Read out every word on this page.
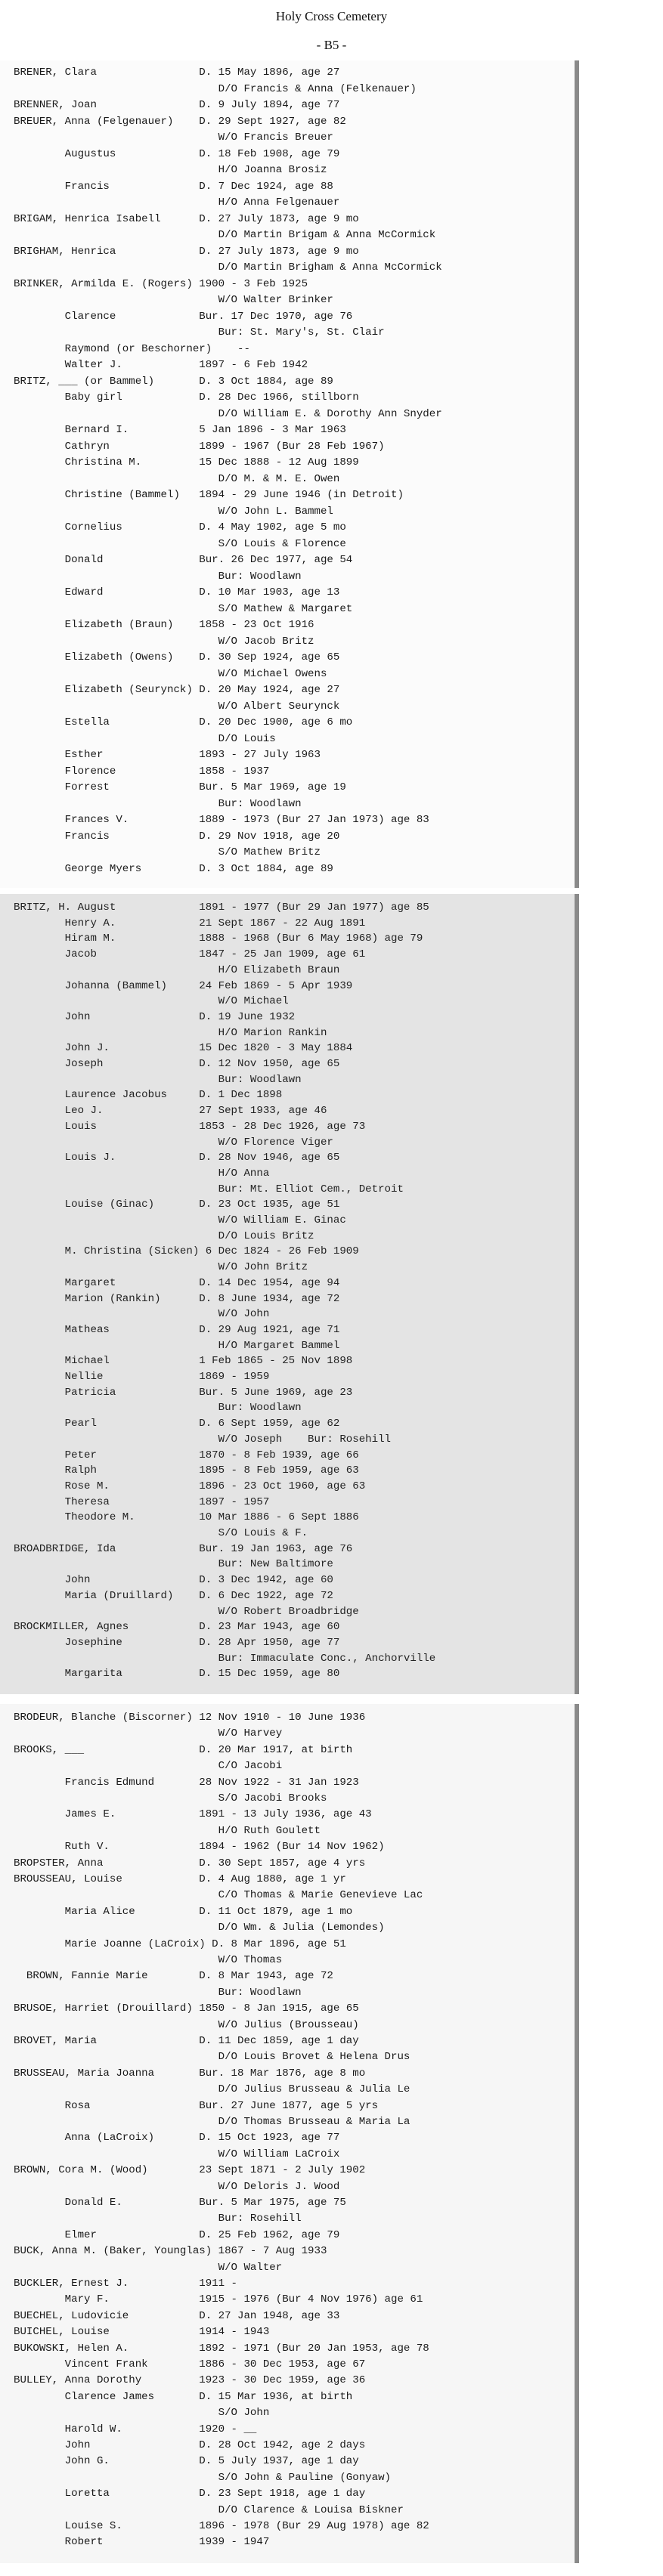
Holy Cross Cemetery
- B5 -
BRENER, Clara                D. 15 May 1896, age 27
D/O Francis & Anna (Felkenauer)
BRENNER, Joan                D. 9 July 1894, age 77
BREUER, Anna (Felgenauer)    D. 29 Sept 1927, age 82
W/O Francis Breuer
Augustus             D. 18 Feb 1908, age 79
H/O Joanna Brosiz
Francis              D. 7 Dec 1924, age 88
H/O Anna Felgenauer
BRIGAM, Henrica Isabell      D. 27 July 1873, age 9 mo
D/O Martin Brigam & Anna McCormick
BRIGHAM, Henrica             D. 27 July 1873, age 9 mo
D/O Martin Brigham & Anna McCormick
BRINKER, Armilda E. (Rogers) 1900 - 3 Feb 1925
W/O Walter Brinker
Clarence             Bur. 17 Dec 1970, age 76
Bur: St. Mary's, St. Clair
Raymond (or Beschorner)    --
Walter J.            1897 - 6 Feb 1942
BRITZ, ___ (or Bammel)       D. 3 Oct 1884, age 89
Baby girl            D. 28 Dec 1966, stillborn
D/O William E. & Dorothy Ann Snyder
Bernard I.           5 Jan 1896 - 3 Mar 1963
Cathryn              1899 - 1967 (Bur 28 Feb 1967)
Christina M.         15 Dec 1888 - 12 Aug 1899
D/O M. & M. E. Owen
Christine (Bammel)   1894 - 29 June 1946 (in Detroit)
W/O John L. Bammel
Cornelius            D. 4 May 1902, age 5 mo
S/O Louis & Florence
Donald               Bur. 26 Dec 1977, age 54
Bur: Woodlawn
Edward               D. 10 Mar 1903, age 13
S/O Mathew & Margaret
Elizabeth (Braun)    1858 - 23 Oct 1916
W/O Jacob Britz
Elizabeth (Owens)    D. 30 Sep 1924, age 65
W/O Michael Owens
Elizabeth (Seurynck) D. 20 May 1924, age 27
W/O Albert Seurynck
Estella              D. 20 Dec 1900, age 6 mo
D/O Louis
Esther               1893 - 27 July 1963
Florence             1858 - 1937
Forrest              Bur. 5 Mar 1969, age 19
Bur: Woodlawn
Frances V.           1889 - 1973 (Bur 27 Jan 1973) age 83
Francis              D. 29 Nov 1918, age 20
S/O Mathew Britz
George Myers         D. 3 Oct 1884, age 89
BRITZ, H. August             1891 - 1977 (Bur 29 Jan 1977) age 85
Henry A.             21 Sept 1867 - 22 Aug 1891
Hiram M.             1888 - 1968 (Bur 6 May 1968) age 79
Jacob                1847 - 25 Jan 1909, age 61
H/O Elizabeth Braun
Johanna (Bammel)     24 Feb 1869 - 5 Apr 1939
W/O Michael
John                 D. 19 June 1932
H/O Marion Rankin
John J.              15 Dec 1820 - 3 May 1884
Joseph               D. 12 Nov 1950, age 65
Bur: Woodlawn
Laurence Jacobus     D. 1 Dec 1898
Leo J.               27 Sept 1933, age 46
Louis                1853 - 28 Dec 1926, age 73
W/O Florence Viger
Louis J.             D. 28 Nov 1946, age 65
H/O Anna
Bur: Mt. Elliot Cem., Detroit
Louise (Ginac)       D. 23 Oct 1935, age 51
W/O William E. Ginac
D/O Louis Britz
M. Christina (Sicken) 6 Dec 1824 - 26 Feb 1909
W/O John Britz
Margaret             D. 14 Dec 1954, age 94
Marion (Rankin)      D. 8 June 1934, age 72
W/O John
Matheas              D. 29 Aug 1921, age 71
H/O Margaret Bammel
Michael              1 Feb 1865 - 25 Nov 1898
Nellie               1869 - 1959
Patricia             Bur. 5 June 1969, age 23
Bur: Woodlawn
Pearl                D. 6 Sept 1959, age 62
W/O Joseph    Bur: Rosehill
Peter                1870 - 8 Feb 1939, age 66
Ralph                1895 - 8 Feb 1959, age 63
Rose M.              1896 - 23 Oct 1960, age 63
Theresa              1897 - 1957
Theodore M.          10 Mar 1886 - 6 Sept 1886
S/O Louis & F.
BROADBRIDGE, Ida             Bur. 19 Jan 1963, age 76
Bur: New Baltimore
John                 D. 3 Dec 1942, age 60
Maria (Druillard)    D. 6 Dec 1922, age 72
W/O Robert Broadbridge
BROCKMILLER, Agnes           D. 23 Mar 1943, age 60
Josephine            D. 28 Apr 1950, age 77
Bur: Immaculate Conc., Anchorville
Margarita            D. 15 Dec 1959, age 80
BRODEUR, Blanche (Biscorner) 12 Nov 1910 - 10 June 1936
W/O Harvey
BROOKS, ___                  D. 20 Mar 1917, at birth
C/O Jacobi
Francis Edmund       28 Nov 1922 - 31 Jan 1923
S/O Jacobi Brooks
James E.             1891 - 13 July 1936, age 43
H/O Ruth Goulett
Ruth V.              1894 - 1962 (Bur 14 Nov 1962)
BROPSTER, Anna               D. 30 Sept 1857, age 4 yrs
BROUSSEAU, Louise            D. 4 Aug 1880, age 1 yr
C/O Thomas & Marie Genevieve Lac
Maria Alice          D. 11 Oct 1879, age 1 mo
D/O Wm. & Julia (Lemondes)
Marie Joanne (LaCroix) D. 8 Mar 1896, age 51
W/O Thomas
BROWN, Fannie Marie        D. 8 Mar 1943, age 72
Bur: Woodlawn
BRUSOE, Harriet (Drouillard) 1850 - 8 Jan 1915, age 65
W/O Julius (Brousseau)
BROVET, Maria                D. 11 Dec 1859, age 1 day
D/O Louis Brovet & Helena Drus
BRUSSEAU, Maria Joanna       Bur. 18 Mar 1876, age 8 mo
D/O Julius Brusseau & Julia Le
Rosa                 Bur. 27 June 1877, age 5 yrs
D/O Thomas Brusseau & Maria La
Anna (LaCroix)       D. 15 Oct 1923, age 77
W/O William LaCroix
BROWN, Cora M. (Wood)        23 Sept 1871 - 2 July 1902
W/O Deloris J. Wood
Donald E.            Bur. 5 Mar 1975, age 75
Bur: Rosehill
Elmer                D. 25 Feb 1962, age 79
BUCK, Anna M. (Baker, Younglas) 1867 - 7 Aug 1933
W/O Walter
BUCKLER, Ernest J.           1911 -
Mary F.              1915 - 1976 (Bur 4 Nov 1976) age 61
BUECHEL, Ludovicie           D. 27 Jan 1948, age 33
BUICHEL, Louise              1914 - 1943
BUKOWSKI, Helen A.           1892 - 1971 (Bur 20 Jan 1953, age 78
Vincent Frank        1886 - 30 Dec 1953, age 67
BULLEY, Anna Dorothy         1923 - 30 Dec 1959, age 36
Clarence James       D. 15 Mar 1936, at birth
S/O John
Harold W.            1920 - __
John                 D. 28 Oct 1942, age 2 days
John G.              D. 5 July 1937, age 1 day
S/O John & Pauline (Gonyaw)
Loretta              D. 23 Sept 1918, age 1 day
D/O Clarence & Louisa Biskner
Louise S.            1896 - 1978 (Bur 29 Aug 1978) age 82
Robert               1939 - 1947
